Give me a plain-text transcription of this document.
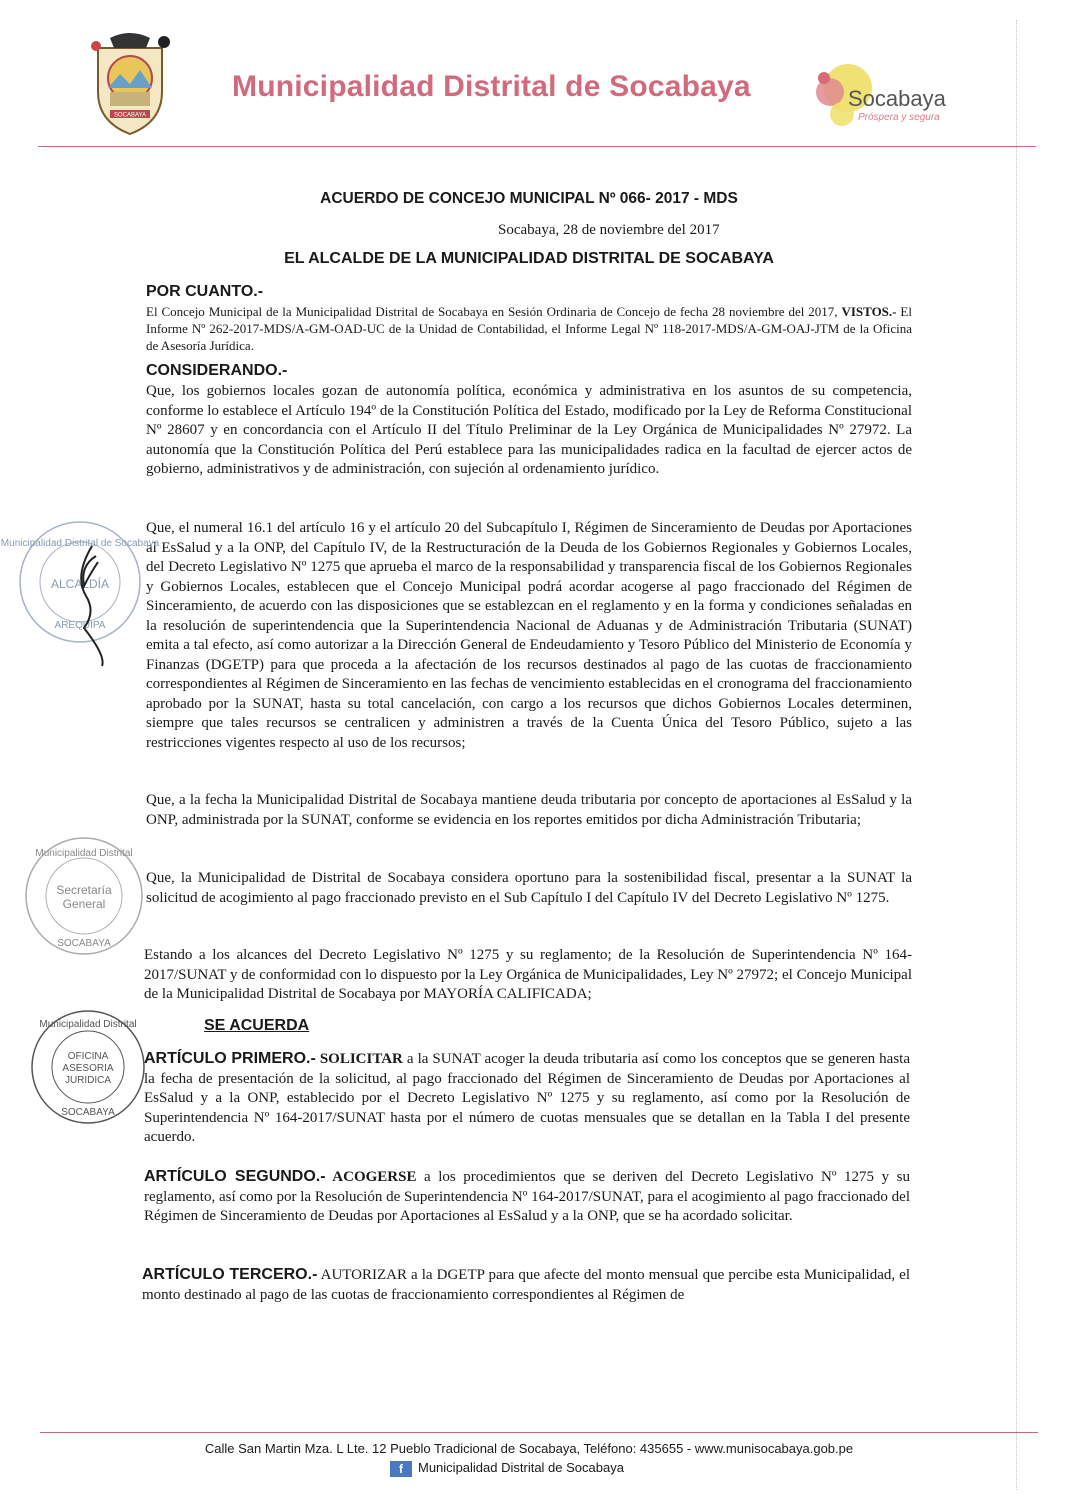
SOCABAYA
Municipalidad Distrital de Socabaya	Socabaya
Próspera y segura
ACUERDO DE CONCEJO MUNICIPAL Nº 066- 2017 - MDS
Socabaya, 28 de noviembre del 2017
EL ALCALDE DE LA MUNICIPALIDAD DISTRITAL DE SOCABAYA
POR CUANTO.-

El Concejo Municipal de la Municipalidad Distrital de Socabaya en Sesión Ordinaria de Concejo de fecha 28 noviembre del 2017, VISTOS.- El Informe Nº 262-2017-MDS/A-GM-OAD-UC de la Unidad de Contabilidad, el Informe Legal Nº 118-2017-MDS/A-GM-OAJ-JTM de la Oficina de Asesoría Jurídica.

CONSIDERANDO.-

Que, los gobiernos locales gozan de autonomía política, económica y administrativa en los asuntos de su competencia, conforme lo establece el Artículo 194º de la Constitución Política del Estado, modificado por la Ley de Reforma Constitucional Nº 28607 y en concordancia con el Artículo II del Título Preliminar de la Ley Orgánica de Municipalidades Nº 27972. La autonomía que la Constitución Política del Perú establece para las municipalidades radica en la facultad de ejercer actos de gobierno, administrativos y de administración, con sujeción al ordenamiento jurídico.

Que, el numeral 16.1 del artículo 16 y el artículo 20 del Subcapítulo I, Régimen de Sinceramiento de Deudas por Aportaciones al EsSalud y a la ONP, del Capítulo IV, de la Restructuración de la Deuda de los Gobiernos Regionales y Gobiernos Locales, del Decreto Legislativo Nº 1275 que aprueba el marco de la responsabilidad y transparencia fiscal de los Gobiernos Regionales y Gobiernos Locales, establecen que el Concejo Municipal podrá acordar acogerse al pago fraccionado del Régimen de Sinceramiento, de acuerdo con las disposiciones que se establezcan en el reglamento y en la forma y condiciones señaladas en la resolución de superintendencia que la Superintendencia Nacional de Aduanas y de Administración Tributaria (SUNAT) emita a tal efecto, así como autorizar a la Dirección General de Endeudamiento y Tesoro Público del Ministerio de Economía y Finanzas (DGETP) para que proceda a la afectación de los recursos destinados al pago de las cuotas de fraccionamiento correspondientes al Régimen de Sinceramiento en las fechas de vencimiento establecidas en el cronograma del fraccionamiento aprobado por la SUNAT, hasta su total cancelación, con cargo a los recursos que dichos Gobiernos Locales determinen, siempre que tales recursos se centralicen y administren a través de la Cuenta Única del Tesoro Público, sujeto a las restricciones vigentes respecto al uso de los recursos;

Que, a la fecha la Municipalidad Distrital de Socabaya mantiene deuda tributaria por concepto de aportaciones al EsSalud y la ONP, administrada por la SUNAT, conforme se evidencia en los reportes emitidos por dicha Administración Tributaria;

Que, la Municipalidad de Distrital de Socabaya considera oportuno para la sostenibilidad fiscal, presentar a la SUNAT la solicitud de acogimiento al pago fraccionado previsto en el Sub Capítulo I del Capítulo IV del Decreto Legislativo Nº 1275.

Estando a los alcances del Decreto Legislativo Nº 1275 y su reglamento; de la Resolución de Superintendencia Nº 164-2017/SUNAT y de conformidad con lo dispuesto por la Ley Orgánica de Municipalidades, Ley Nº 27972; el Concejo Municipal de la Municipalidad Distrital de Socabaya por MAYORÍA CALIFICADA;

SE ACUERDA

ARTÍCULO PRIMERO.- SOLICITAR a la SUNAT acoger la deuda tributaria así como los conceptos que se generen hasta la fecha de presentación de la solicitud, al pago fraccionado del Régimen de Sinceramiento de Deudas por Aportaciones al EsSalud y a la ONP, establecido por el Decreto Legislativo Nº 1275 y su reglamento, así como por la Resolución de Superintendencia Nº 164-2017/SUNAT hasta por el número de cuotas mensuales que se detallan en la Tabla I del presente acuerdo.

ARTÍCULO SEGUNDO.- ACOGERSE a los procedimientos que se deriven del Decreto Legislativo Nº 1275 y su reglamento, así como por la Resolución de Superintendencia Nº 164-2017/SUNAT, para el acogimiento al pago fraccionado del Régimen de Sinceramiento de Deudas por Aportaciones al EsSalud y a la ONP, que se ha acordado solicitar.

ARTÍCULO TERCERO.- AUTORIZAR a la DGETP para que afecte del monto mensual que percibe esta Municipalidad, el monto destinado al pago de las cuotas de fraccionamiento correspondientes al Régimen de

Municipalidad Distrital de Socabaya
ALCALDÍA
AREQUIPA
Municipalidad Distrital
Secretaría
General
SOCABAYA
Municipalidad Distrital
OFICINA
ASESORIA
JURIDICA
SOCABAYA
Calle San Martin Mza. L Lte. 12 Pueblo Tradicional de Socabaya, Teléfono: 435655 - www.munisocabaya.gob.pe
f Municipalidad Distrital de Socabaya
